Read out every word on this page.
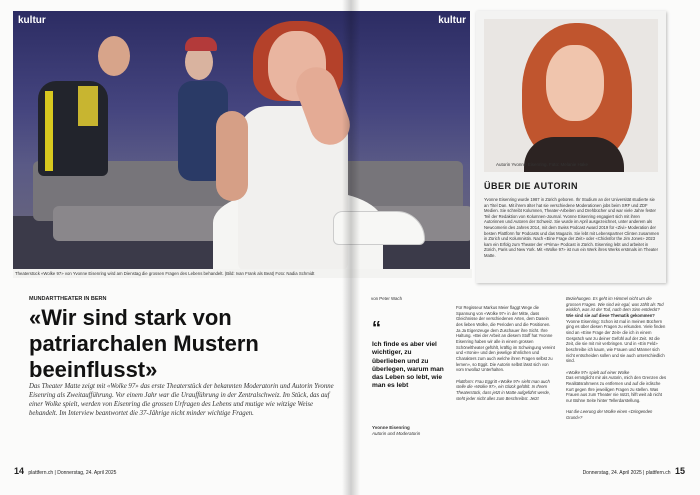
kultur	kultur
Theaterstück «Wolke 97» von Yvonne Eisenring wird am Dienstag die grossen Fragen des Lebens behandelt. (Bild: Ivan Frank als Beat) Foto: Nadia Schmidt
Autorin Yvonne Eisenring. Foto: Melanie Hake
ÜBER DIE AUTORIN
Yvonne Eisenring wurde 1987 in Zürich geboren. Ihr Studium an der Universität studierte sie an Titel Dan. Mit ihrem älter hat sie verschiedene Moderationen jobs beim SRF und ZDF Medien. Sie schreibt Kolumnen, Theater-Arbeiten und Drehbücher und war viele Jahre fester Teil der Redaktion von Kolumnen-Journal. Yvonne Eisenring engagiert sich mit ihren Autorinnen und Autoren der Schweiz. Sie wurde im April ausgezeichnet, unter anderem als Newcomerin des Jahres 2014, mit dem Swiss Podcast Award 2019 für «Zivi» Moderation der besten Plattform für Podcasts und das Magazin. Sie lebt mit Lebenspartner Clinten zusammen in Zürich und Kolumnistin. Nach «Eine Frage der Zeit» oder «Chicksfor the Jim Jones» 2023 kam ein Erfolg zum Theater der «Prima» Podcast in Zürich. Eisenring lebt und arbeitet in Zürich, Paris und New York. Mit «Wolke 97» ist nun ein Werk ihres Werks erstmals im Theater Matte.
MUNDARTTHEATER IN BERN
«Wir sind stark von patriarchalen Mustern beeinflusst»
Das Theater Matte zeigt mit «Wolke 97» das erste Theaterstück der bekannten Moderatorin und Autorin Yvonne Eisenring als Zweitaufführung. Vor einem Jahr war die Uraufführung in der Zentralschweiz. Im Stück, das auf einer Wolke spielt, werden von Eisenring die grossen Urfragen des Lebens und mutige wie witzige Weise behandelt. Im Interview beantwortet die 37-Jährige nicht minder wichtige Fragen.
14 plattfern.ch | Donnerstag, 24. April 2025
von Peter Wach
“
Ich finde es aber viel wichtiger, zu überlieben und zu überlegen, warum man das Leben so lebt, wie man es lebt
Yvonne Eisenring
Autorin und Moderatorin
Für Regisseur Markus Meier flaggt Wege die Spannung von «Wolke 97» in der Mitte, dass Gleichnisse der verschiedenen Arten, dem Dasein des lieben Wolke, die Perioden und die Positionen. Ja Ja Eigenzeuge dem Zuschauer ihre Sicht. Ihre Haltung. «Bei der Arbeit an diesem Stoff hat Yvonne Eisenring haben wir alle in einem grossen Schöneltheater gefühlt, kräftig im Schwingung vereint und «Ironie» und den jewelige ähnlichen und Charakters zum auch welche ihren Fragen selbst zu lernen», so Eggit. Die Autorin selbst lässt sich von vom Inwollaz Unterhalten.

Plattform: Frau Eggritt «Wolke 97» sieht man auch stelle die «Wolke 97», ein Glück gefühlt. In Ihrem Theaterstück, dass jetzt in Matte aufgeführt werde, steht jeder nicht alles zum Beschreibst. Jetzt
Beziehungen. Es geht im Himmel nicht um die grossen Fragen. Wie sind wir egal, was zählt als Tod wirklich, was ist der Tod, nach dem Sinn entdeckt?
Wie sind sie auf diese Thematik gekommen?
Yvonne Eisenring: Schon ist mal in meinen Büchern ging es über diesen Fragen zu erkunden. Viele finden sind an «Eine Frage der Zeit» die ich in einem Gespräch war zu deiner Gefühl auf der Zeit. Ist die Zeit, die sie mit mir verbringen. Und in «Ein Feld» beschreibe ich kaum, wie Frauen und Männer sich nicht entscheiden sollen und sie auch unterschiedlich sind.

«Wolke 97» spielt auf einer Wolke
Das ermöglicht mir als Autorin, mich den Grenzen des Realitätsrahmens zu entfernen und auf die irdische Kurt gegen Ihre jeweiligen Fragen zu stellen. Was Frauen aus zum Theater nie nützt, hilft weit ab nicht nur Bühne Seite hinter Tellerdarstellung.

Hat die Leerung der Wolke einen «Dringenden Grund»?
Donnerstag, 24. April 2025 | plattfern.ch 15
